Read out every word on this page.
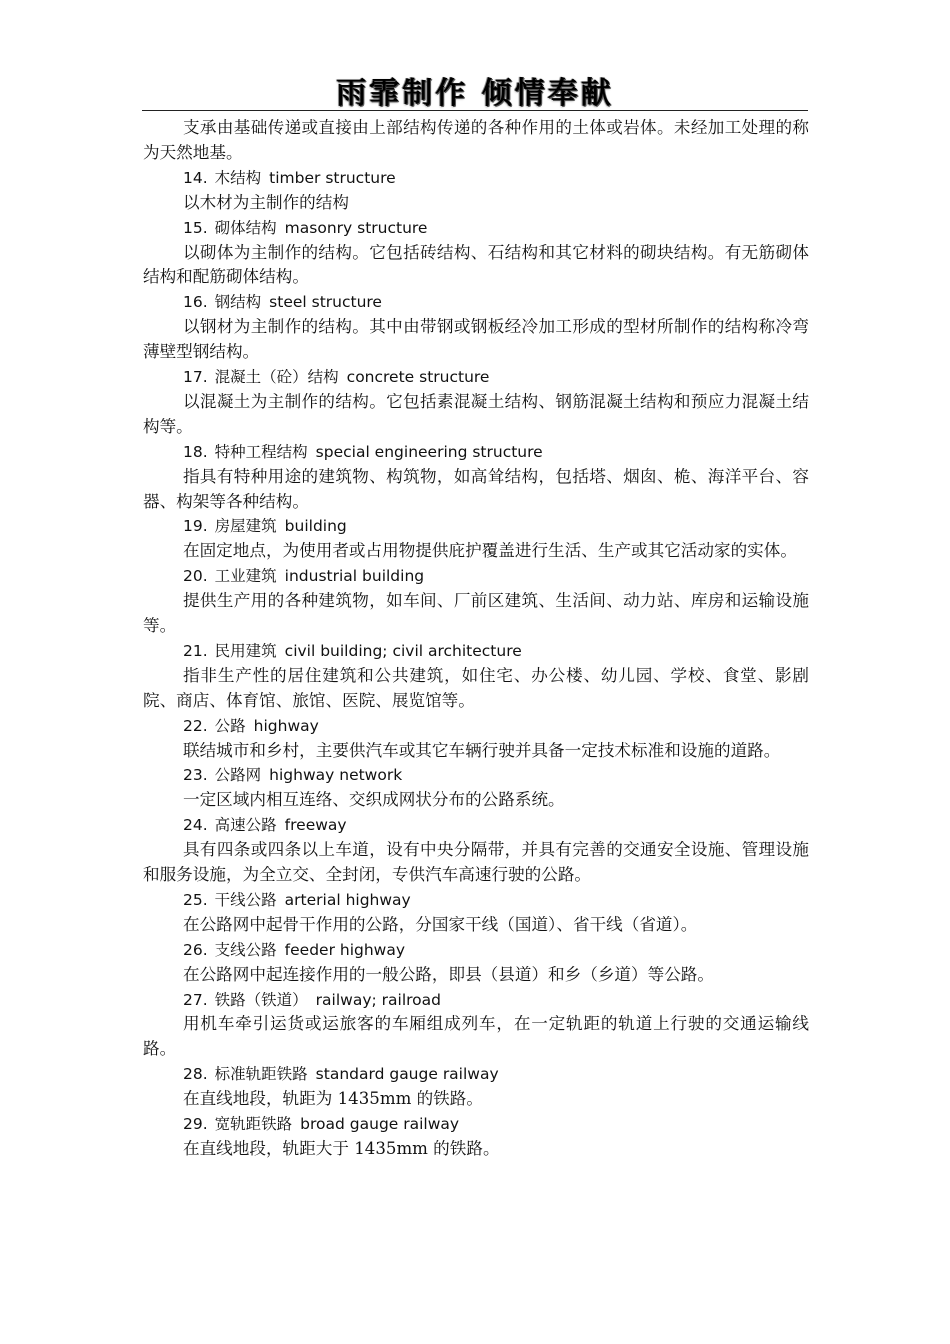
雨霏制作 倾情奉献
支承由基础传递或直接由上部结构传递的各种作用的土体或岩体。未经加工处理的称为天然地基。
14. 木结构 timber structure
以木材为主制作的结构
15. 砌体结构 masonry structure
以砌体为主制作的结构。它包括砖结构、石结构和其它材料的砌块结构。有无筋砌体结构和配筋砌体结构。
16. 钢结构 steel structure
以钢材为主制作的结构。其中由带钢或钢板经冷加工形成的型材所制作的结构称冷弯薄壁型钢结构。
17. 混凝土（砼）结构 concrete structure
以混凝土为主制作的结构。它包括素混凝土结构、钢筋混凝土结构和预应力混凝土结构等。
18. 特种工程结构 special engineering structure
指具有特种用途的建筑物、构筑物，如高耸结构，包括塔、烟囱、桅、海洋平台、容器、构架等各种结构。
19. 房屋建筑 building
在固定地点，为使用者或占用物提供庇护覆盖进行生活、生产或其它活动家的实体。
20. 工业建筑 industrial building
提供生产用的各种建筑物，如车间、厂前区建筑、生活间、动力站、库房和运输设施等。
21. 民用建筑 civil building; civil architecture
指非生产性的居住建筑和公共建筑，如住宅、办公楼、幼儿园、学校、食堂、影剧院、商店、体育馆、旅馆、医院、展览馆等。
22. 公路 highway
联结城市和乡村，主要供汽车或其它车辆行驶并具备一定技术标准和设施的道路。
23. 公路网 highway network
一定区域内相互连络、交织成网状分布的公路系统。
24. 高速公路 freeway
具有四条或四条以上车道，设有中央分隔带，并具有完善的交通安全设施、管理设施和服务设施，为全立交、全封闭，专供汽车高速行驶的公路。
25. 干线公路 arterial highway
在公路网中起骨干作用的公路，分国家干线（国道）、省干线（省道）。
26. 支线公路 feeder highway
在公路网中起连接作用的一般公路，即县（县道）和乡（乡道）等公路。
27. 铁路（铁道） railway; railroad
用机车牵引运货或运旅客的车厢组成列车，在一定轨距的轨道上行驶的交通运输线路。
28. 标准轨距铁路 standard gauge railway
在直线地段，轨距为 1435mm 的铁路。
29. 宽轨距铁路 broad gauge railway
在直线地段，轨距大于 1435mm 的铁路。
